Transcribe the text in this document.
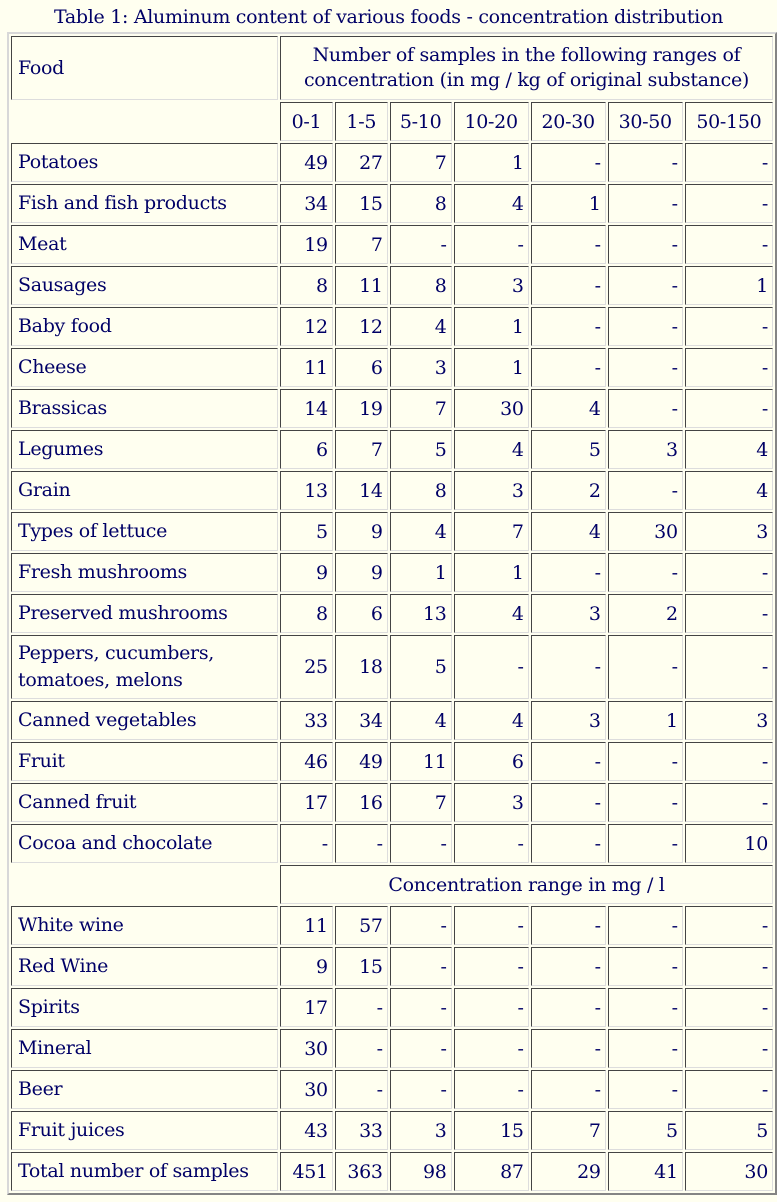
Table 1: Aluminum content of various foods - concentration distribution
Food	Number of samples in the following ranges of concentration (in mg / kg of original substance)						

	0-1	1-5	5-10	10-20	20-30	30-50	50-150

Potatoes	49	27	7	1	-	-	-

Fish and fish products	34	15	8	4	1	-	-

Meat	19	7	-	-	-	-	-

Sausages	8	11	8	3	-	-	1

Baby food	12	12	4	1	-	-	-

Cheese	11	6	3	1	-	-	-

Brassicas	14	19	7	30	4	-	-

Legumes	6	7	5	4	5	3	4

Grain	13	14	8	3	2	-	4

Types of lettuce	5	9	4	7	4	30	3

Fresh mushrooms	9	9	1	1	-	-	-

Preserved mushrooms	8	6	13	4	3	2	-

Peppers, cucumbers, tomatoes, melons	25	18	5	-	-	-	-

Canned vegetables	33	34	4	4	3	1	3

Fruit	46	49	11	6	-	-	-

Canned fruit	17	16	7	3	-	-	-

Cocoa and chocolate	-	-	-	-	-	-	10
	Concentration range in mg / l						

White wine	11	57	-	-	-	-	-

Red Wine	9	15	-	-	-	-	-

Spirits	17	-	-	-	-	-	-

Mineral	30	-	-	-	-	-	-

Beer	30	-	-	-	-	-	-

Fruit juices	43	33	3	15	7	5	5

Total number of samples	451	363	98	87	29	41	30
